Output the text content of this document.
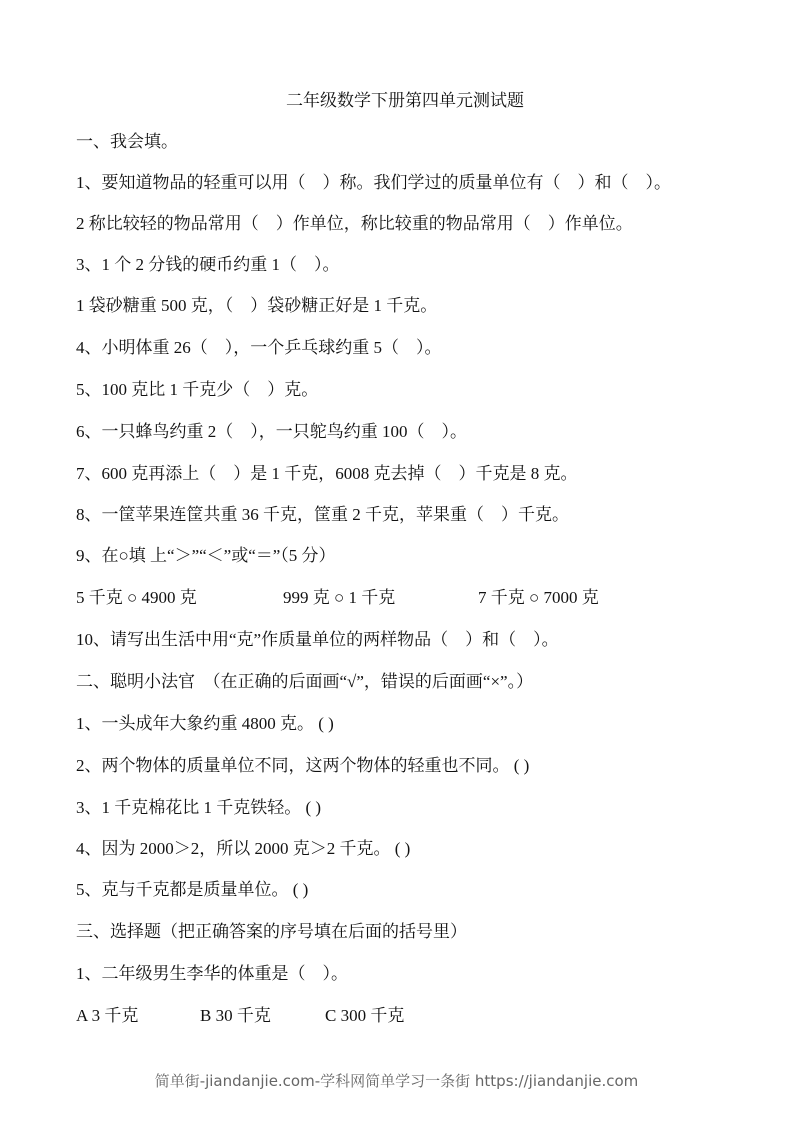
二年级数学下册第四单元测试题
一、我会填。
1、要知道物品的轻重可以用（　）称。我们学过的质量单位有（　）和（　）。
2 称比较轻的物品常用（　）作单位，称比较重的物品常用（　）作单位。
3、1 个 2 分钱的硬币约重 1（　）。
1 袋砂糖重 500 克，（　）袋砂糖正好是 1 千克。
4、小明体重 26（　），一个乒乓球约重 5（　）。
5、100 克比 1 千克少（　）克。
6、一只蜂鸟约重 2（　），一只鸵鸟约重 100（　）。
7、600 克再添上（　）是 1 千克，6008 克去掉（　）千克是 8 克。
8、一筐苹果连筐共重 36 千克，筐重 2 千克，苹果重（　）千克。
9、在○填 上“＞”“＜”或“＝”（5 分）
5 千克 ○ 4900 克	999 克 ○ 1 千克	7 千克 ○ 7000 克
10、请写出生活中用“克”作质量单位的两样物品（　）和（　）。
二、聪明小法官　（在正确的后面画“√”，错误的后面画“×”。）
1、一头成年大象约重 4800 克。 ( )
2、两个物体的质量单位不同，这两个物体的轻重也不同。 ( )
3、1 千克棉花比 1 千克铁轻。 ( )
4、因为 2000＞2，所以 2000 克＞2 千克。 ( )
5、克与千克都是质量单位。 ( )
三、选择题（把正确答案的序号填在后面的括号里）
1、二年级男生李华的体重是（　）。
A 3 千克	B 30 千克	C 300 千克
简单街-jiandanjie.com-学科网简单学习一条街 https://jiandanjie.com
